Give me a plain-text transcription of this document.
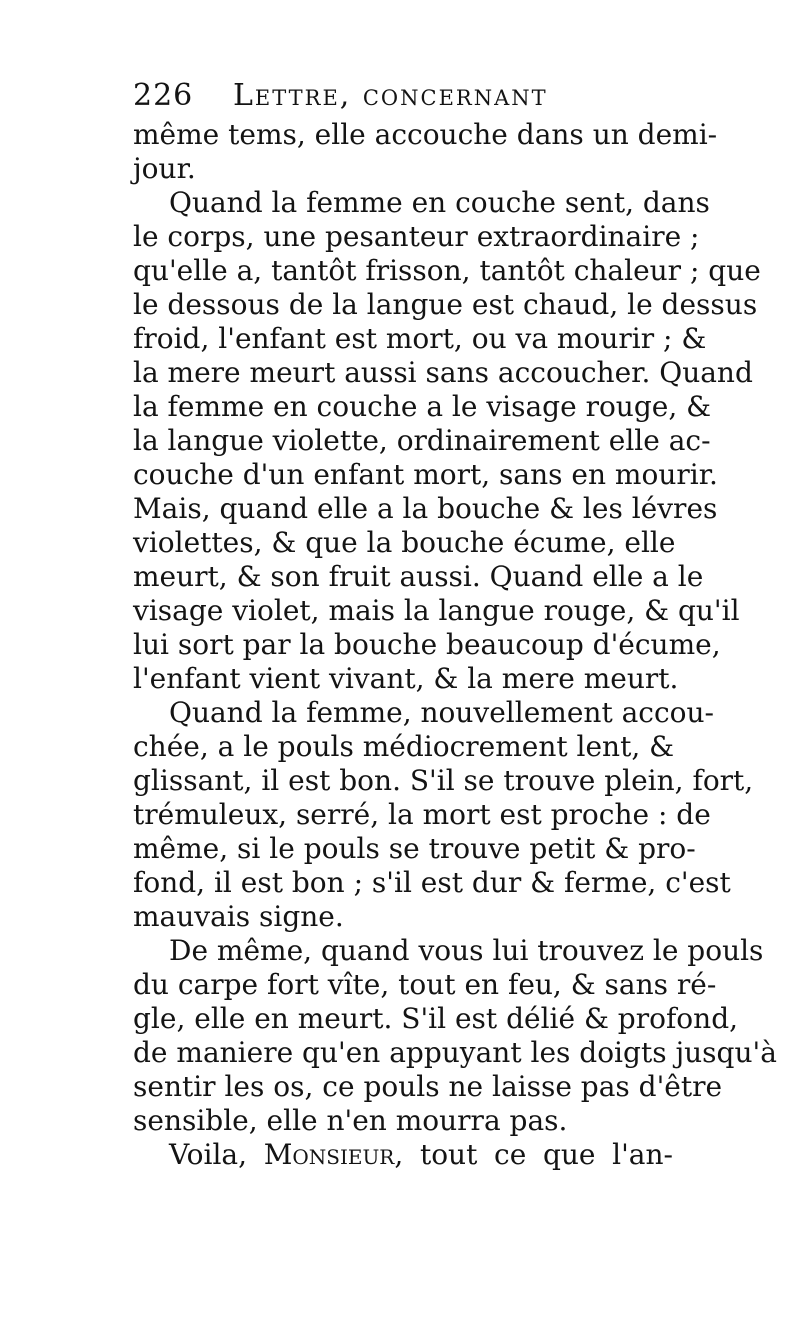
226 Lettre, concernant
même tems, elle accouche dans un demi-
jour.
Quand la femme en couche sent, dans
le corps, une pesanteur extraordinaire ;
qu'elle a, tantôt frisson, tantôt chaleur ; que
le dessous de la langue est chaud, le dessus
froid, l'enfant est mort, ou va mourir ; &
la mere meurt aussi sans accoucher. Quand
la femme en couche a le visage rouge, &
la langue violette, ordinairement elle ac-
couche d'un enfant mort, sans en mourir.
Mais, quand elle a la bouche & les lévres
violettes, & que la bouche écume, elle
meurt, & son fruit aussi. Quand elle a le
visage violet, mais la langue rouge, & qu'il
lui sort par la bouche beaucoup d'écume,
l'enfant vient vivant, & la mere meurt.
Quand la femme, nouvellement accou-
chée, a le pouls médiocrement lent, &
glissant, il est bon. S'il se trouve plein, fort,
trémuleux, serré, la mort est proche : de
même, si le pouls se trouve petit & pro-
fond, il est bon ; s'il est dur & ferme, c'est
mauvais signe.
De même, quand vous lui trouvez le pouls
du carpe fort vîte, tout en feu, & sans ré-
gle, elle en meurt. S'il est délié & profond,
de maniere qu'en appuyant les doigts jusqu'à
sentir les os, ce pouls ne laisse pas d'être
sensible, elle n'en mourra pas.
Voila, Monsieur, tout ce que l'an-
